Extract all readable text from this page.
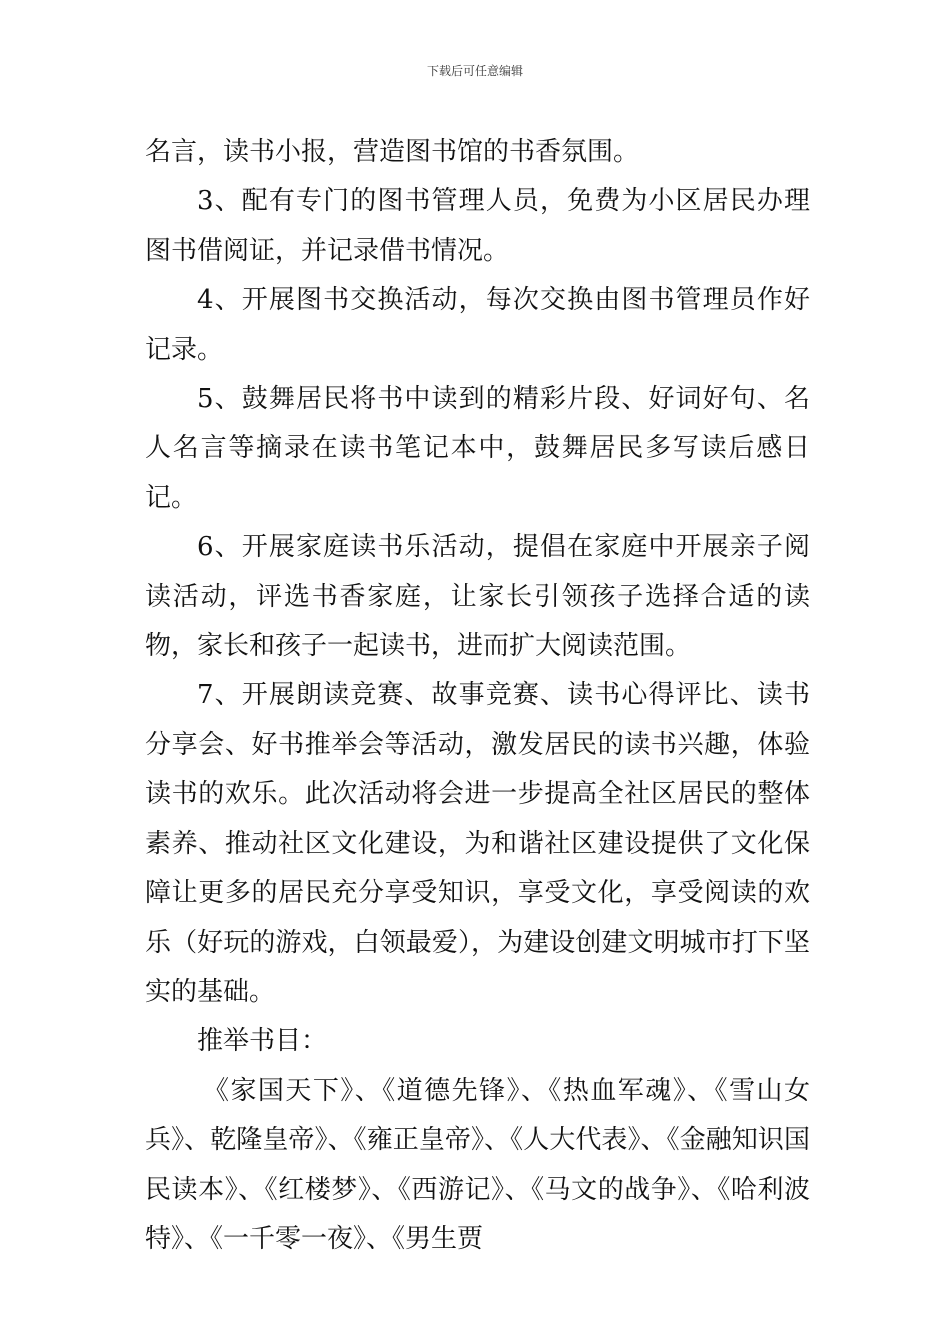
下载后可任意编辑

名言，读书小报，营造图书馆的书香氛围。

3、配有专门的图书管理人员，免费为小区居民办理图书借阅证，并记录借书情况。

4、开展图书交换活动，每次交换由图书管理员作好记录。

5、鼓舞居民将书中读到的精彩片段、好词好句、名人名言等摘录在读书笔记本中，鼓舞居民多写读后感日记。

6、开展家庭读书乐活动，提倡在家庭中开展亲子阅读活动，评选书香家庭，让家长引领孩子选择合适的读物，家长和孩子一起读书，进而扩大阅读范围。

7、开展朗读竞赛、故事竞赛、读书心得评比、读书分享会、好书推举会等活动，激发居民的读书兴趣，体验读书的欢乐。此次活动将会进一步提高全社区居民的整体素养、推动社区文化建设，为和谐社区建设提供了文化保障让更多的居民充分享受知识，享受文化，享受阅读的欢乐（好玩的游戏，白领最爱），为建设创建文明城市打下坚实的基础。

推举书目：

《家国天下》、《道德先锋》、《热血军魂》、《雪山女兵》、乾隆皇帝》、《雍正皇帝》、《人大代表》、《金融知识国民读本》、《红楼梦》、《西游记》、《马文的战争》、《哈利波特》、《一千零一夜》、《男生贾
